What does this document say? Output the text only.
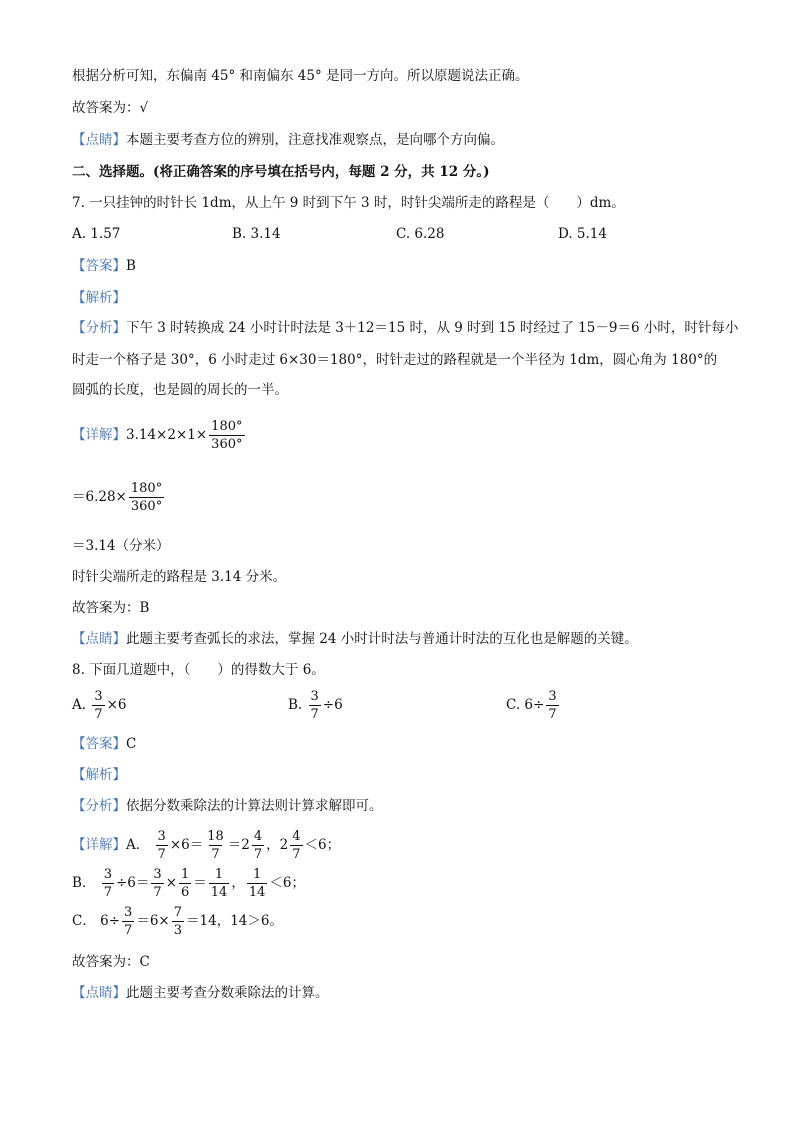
根据分析可知，东偏南 45° 和南偏东 45° 是同一方向。所以原题说法正确。
故答案为：√
【点睛】本题主要考查方位的辨别，注意找准观察点，是向哪个方向偏。
二、选择题。(将正确答案的序号填在括号内，每题 2 分，共 12 分。)
7. 一只挂钟的时针长 1dm，从上午 9 时到下午 3 时，时针尖端所走的路程是（　　）dm。
A. 1.57	B. 3.14	C. 6.28	D. 5.14
【答案】B
【解析】
【分析】下午 3 时转换成 24 小时计时法是 3＋12＝15 时，从 9 时到 15 时经过了 15－9＝6 小时，时针每小
时走一个格子是 30°，6 小时走过 6×30＝180°，时针走过的路程就是一个半径为 1dm，圆心角为 180°的
圆弧的长度，也是圆的周长的一半。
【详解】$3.14\times 2\times 1\times \frac{180^\circ}{360^\circ}$
$=6.28\times \frac{180^\circ}{360^\circ}$
＝3.14（分米）
时针尖端所走的路程是 3.14 分米。
故答案为：B
【点睛】此题主要考查弧长的求法，掌握 24 小时计时法与普通计时法的互化也是解题的关键。
8. 下面几道题中，（　　）的得数大于 6。
A. $\frac{3}{7} \times 6$	B. $\frac{3}{7} \div 6$	C. $6\div \frac{3}{7}$
【答案】C
【解析】
【分析】依据分数乘除法的计算法则计算求解即可。
【详解】A． $\frac{3}{7} \times 6= \frac{18}{7} =2 \frac{4}{7}$ ，$2 \frac{4}{7} <6$；
B． $\frac{3}{7} \div 6= \frac{3}{7} \times \frac{1}{6} = \frac{1}{14}$ ， $\frac{1}{14} <6$；
C． $6\div \frac{3}{7} =6\times \frac{7}{3} =14$，14＞6。
故答案为：C
【点睛】此题主要考查分数乘除法的计算。
